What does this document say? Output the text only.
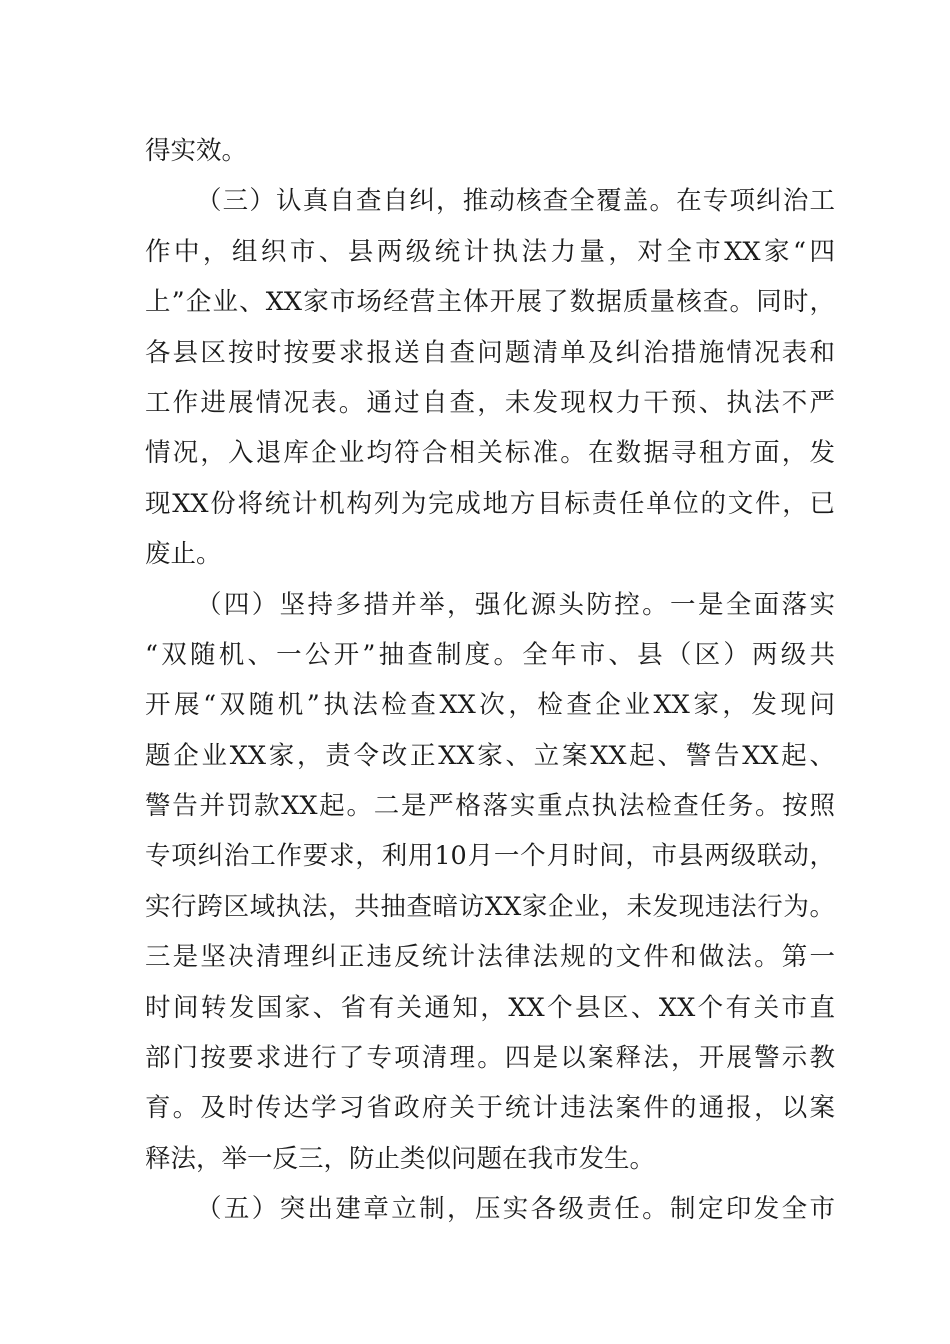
得实效。
（三）认真自查自纠，推动核查全覆盖。在专项纠治工
作中，组织市、县两级统计执法力量，对全市XX家“四
上”企业、XX家市场经营主体开展了数据质量核查。同时，
各县区按时按要求报送自查问题清单及纠治措施情况表和
工作进展情况表。通过自查，未发现权力干预、执法不严
情况，入退库企业均符合相关标准。在数据寻租方面，发
现XX份将统计机构列为完成地方目标责任单位的文件，已
废止。
（四）坚持多措并举，强化源头防控。一是全面落实
“双随机、一公开”抽查制度。全年市、县（区）两级共
开展“双随机”执法检查XX次，检查企业XX家，发现问
题企业XX家，责令改正XX家、立案XX起、警告XX起、
警告并罚款XX起。二是严格落实重点执法检查任务。按照
专项纠治工作要求，利用10月一个月时间，市县两级联动，
实行跨区域执法，共抽查暗访XX家企业，未发现违法行为。
三是坚决清理纠正违反统计法律法规的文件和做法。第一
时间转发国家、省有关通知，XX个县区、XX个有关市直
部门按要求进行了专项清理。四是以案释法，开展警示教
育。及时传达学习省政府关于统计违法案件的通报，以案
释法，举一反三，防止类似问题在我市发生。
（五）突出建章立制，压实各级责任。制定印发全市
